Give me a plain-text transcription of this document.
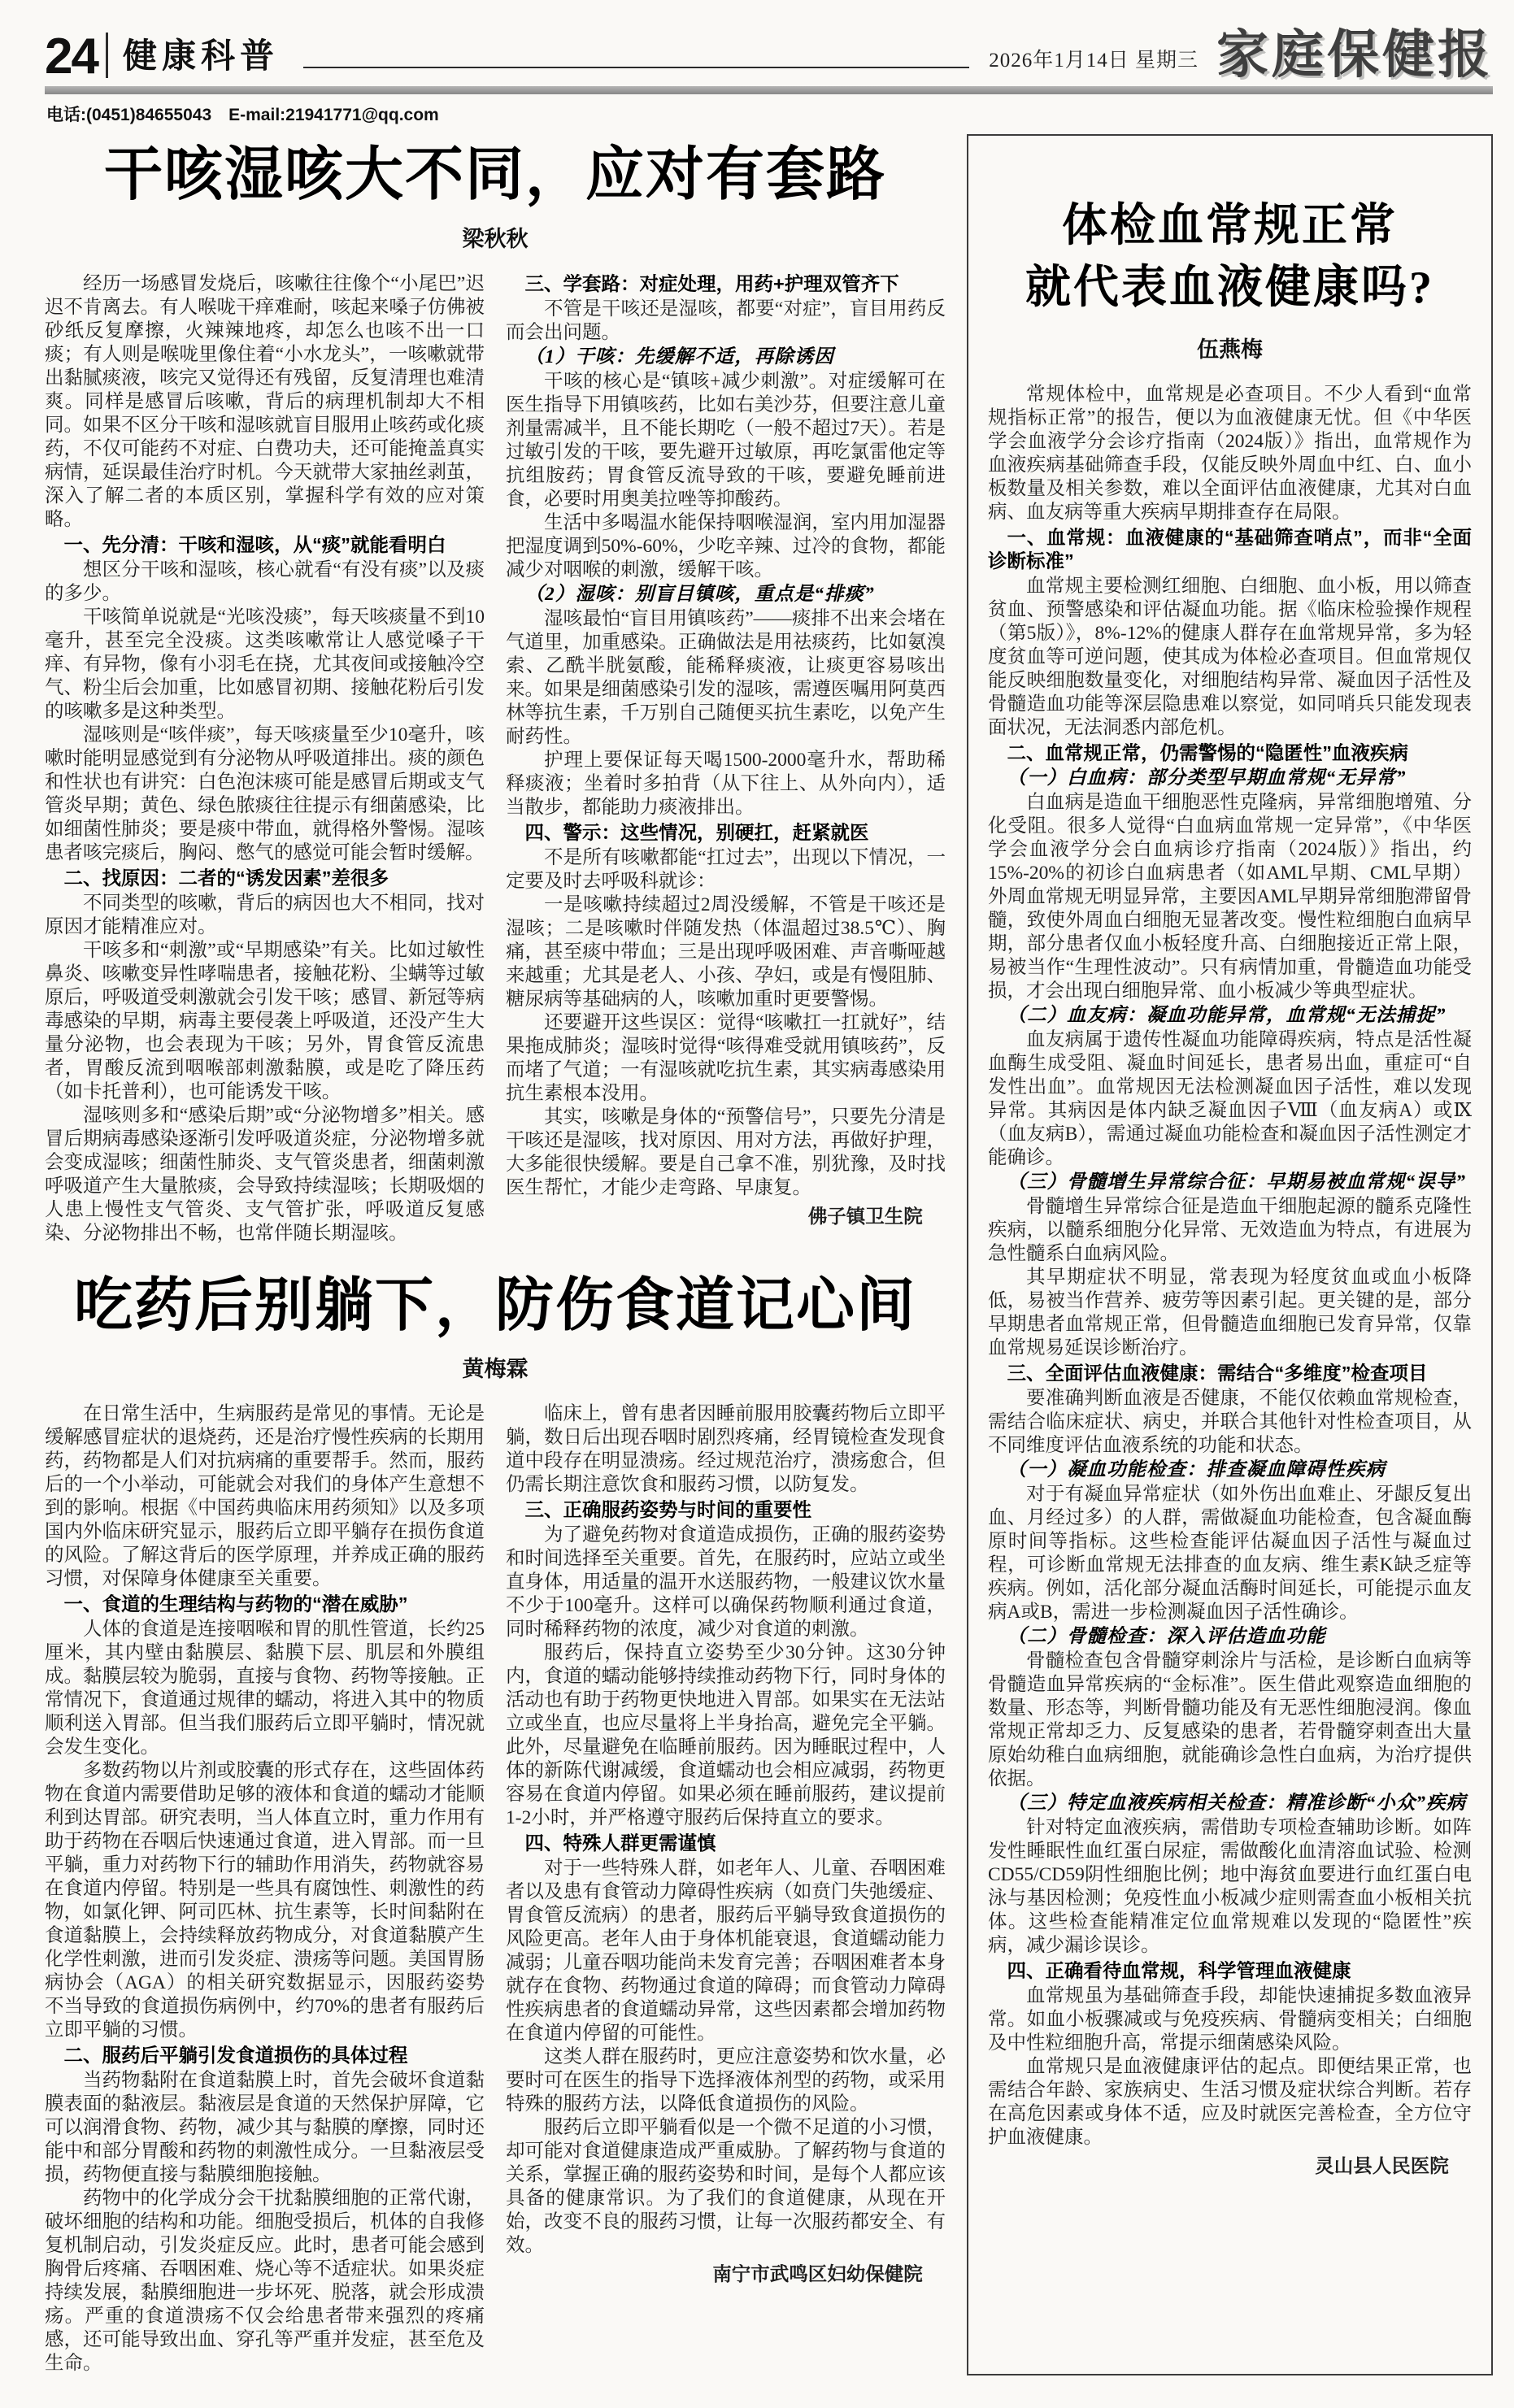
24 健康科普	2026年1月14日 星期三 家庭保健报
电话:(0451)84655043　E-mail:21941771@qq.com
干咳湿咳大不同，应对有套路
梁秋秋

经历一场感冒发烧后，咳嗽往往像个“小尾巴”迟迟不肯离去。有人喉咙干痒难耐，咳起来嗓子仿佛被砂纸反复摩擦，火辣辣地疼，却怎么也咳不出一口痰；有人则是喉咙里像住着“小水龙头”，一咳嗽就带出黏腻痰液，咳完又觉得还有残留，反复清理也难清爽。同样是感冒后咳嗽，背后的病理机制却大不相同。如果不区分干咳和湿咳就盲目服用止咳药或化痰药，不仅可能药不对症、白费功夫，还可能掩盖真实病情，延误最佳治疗时机。今天就带大家抽丝剥茧，深入了解二者的本质区别，掌握科学有效的应对策略。

一、先分清：干咳和湿咳，从“痰”就能看明白

想区分干咳和湿咳，核心就看“有没有痰”以及痰的多少。

干咳简单说就是“光咳没痰”，每天咳痰量不到10毫升，甚至完全没痰。这类咳嗽常让人感觉嗓子干痒、有异物，像有小羽毛在挠，尤其夜间或接触冷空气、粉尘后会加重，比如感冒初期、接触花粉后引发的咳嗽多是这种类型。

湿咳则是“咳伴痰”，每天咳痰量至少10毫升，咳嗽时能明显感觉到有分泌物从呼吸道排出。痰的颜色和性状也有讲究：白色泡沫痰可能是感冒后期或支气管炎早期；黄色、绿色脓痰往往提示有细菌感染，比如细菌性肺炎；要是痰中带血，就得格外警惕。湿咳患者咳完痰后，胸闷、憋气的感觉可能会暂时缓解。

二、找原因：二者的“诱发因素”差很多

不同类型的咳嗽，背后的病因也大不相同，找对原因才能精准应对。

干咳多和“刺激”或“早期感染”有关。比如过敏性鼻炎、咳嗽变异性哮喘患者，接触花粉、尘螨等过敏原后，呼吸道受刺激就会引发干咳；感冒、新冠等病毒感染的早期，病毒主要侵袭上呼吸道，还没产生大量分泌物，也会表现为干咳；另外，胃食管反流患者，胃酸反流到咽喉部刺激黏膜，或是吃了降压药（如卡托普利），也可能诱发干咳。

湿咳则多和“感染后期”或“分泌物增多”相关。感冒后期病毒感染逐渐引发呼吸道炎症，分泌物增多就会变成湿咳；细菌性肺炎、支气管炎患者，细菌刺激呼吸道产生大量脓痰，会导致持续湿咳；长期吸烟的人患上慢性支气管炎、支气管扩张，呼吸道反复感染、分泌物排出不畅，也常伴随长期湿咳。

三、学套路：对症处理，用药+护理双管齐下

不管是干咳还是湿咳，都要“对症”，盲目用药反而会出问题。

（1）干咳：先缓解不适，再除诱因

干咳的核心是“镇咳+减少刺激”。对症缓解可在医生指导下用镇咳药，比如右美沙芬，但要注意儿童剂量需减半，且不能长期吃（一般不超过7天）。若是过敏引发的干咳，要先避开过敏原，再吃氯雷他定等抗组胺药；胃食管反流导致的干咳，要避免睡前进食，必要时用奥美拉唑等抑酸药。

生活中多喝温水能保持咽喉湿润，室内用加湿器把湿度调到50%-60%，少吃辛辣、过冷的食物，都能减少对咽喉的刺激，缓解干咳。

（2）湿咳：别盲目镇咳，重点是“排痰”

湿咳最怕“盲目用镇咳药”——痰排不出来会堵在气道里，加重感染。正确做法是用祛痰药，比如氨溴索、乙酰半胱氨酸，能稀释痰液，让痰更容易咳出来。如果是细菌感染引发的湿咳，需遵医嘱用阿莫西林等抗生素，千万别自己随便买抗生素吃，以免产生耐药性。

护理上要保证每天喝1500-2000毫升水，帮助稀释痰液；坐着时多拍背（从下往上、从外向内），适当散步，都能助力痰液排出。

四、警示：这些情况，别硬扛，赶紧就医

不是所有咳嗽都能“扛过去”，出现以下情况，一定要及时去呼吸科就诊：

一是咳嗽持续超过2周没缓解，不管是干咳还是湿咳；二是咳嗽时伴随发热（体温超过38.5℃）、胸痛，甚至痰中带血；三是出现呼吸困难、声音嘶哑越来越重；尤其是老人、小孩、孕妇，或是有慢阻肺、糖尿病等基础病的人，咳嗽加重时更要警惕。

还要避开这些误区：觉得“咳嗽扛一扛就好”，结果拖成肺炎；湿咳时觉得“咳得难受就用镇咳药”，反而堵了气道；一有湿咳就吃抗生素，其实病毒感染用抗生素根本没用。

其实，咳嗽是身体的“预警信号”，只要先分清是干咳还是湿咳，找对原因、用对方法，再做好护理，大多能很快缓解。要是自己拿不准，别犹豫，及时找医生帮忙，才能少走弯路、早康复。

佛子镇卫生院

吃药后别躺下，防伤食道记心间
黄梅霖

在日常生活中，生病服药是常见的事情。无论是缓解感冒症状的退烧药，还是治疗慢性疾病的长期用药，药物都是人们对抗病痛的重要帮手。然而，服药后的一个小举动，可能就会对我们的身体产生意想不到的影响。根据《中国药典临床用药须知》以及多项国内外临床研究显示，服药后立即平躺存在损伤食道的风险。了解这背后的医学原理，并养成正确的服药习惯，对保障身体健康至关重要。

一、食道的生理结构与药物的“潜在威胁”

人体的食道是连接咽喉和胃的肌性管道，长约25厘米，其内壁由黏膜层、黏膜下层、肌层和外膜组成。黏膜层较为脆弱，直接与食物、药物等接触。正常情况下，食道通过规律的蠕动，将进入其中的物质顺利送入胃部。但当我们服药后立即平躺时，情况就会发生变化。

多数药物以片剂或胶囊的形式存在，这些固体药物在食道内需要借助足够的液体和食道的蠕动才能顺利到达胃部。研究表明，当人体直立时，重力作用有助于药物在吞咽后快速通过食道，进入胃部。而一旦平躺，重力对药物下行的辅助作用消失，药物就容易在食道内停留。特别是一些具有腐蚀性、刺激性的药物，如氯化钾、阿司匹林、抗生素等，长时间黏附在食道黏膜上，会持续释放药物成分，对食道黏膜产生化学性刺激，进而引发炎症、溃疡等问题。美国胃肠病协会（AGA）的相关研究数据显示，因服药姿势不当导致的食道损伤病例中，约70%的患者有服药后立即平躺的习惯。

二、服药后平躺引发食道损伤的具体过程

当药物黏附在食道黏膜上时，首先会破坏食道黏膜表面的黏液层。黏液层是食道的天然保护屏障，它可以润滑食物、药物，减少其与黏膜的摩擦，同时还能中和部分胃酸和药物的刺激性成分。一旦黏液层受损，药物便直接与黏膜细胞接触。

药物中的化学成分会干扰黏膜细胞的正常代谢，破坏细胞的结构和功能。细胞受损后，机体的自我修复机制启动，引发炎症反应。此时，患者可能会感到胸骨后疼痛、吞咽困难、烧心等不适症状。如果炎症持续发展，黏膜细胞进一步坏死、脱落，就会形成溃疡。严重的食道溃疡不仅会给患者带来强烈的疼痛感，还可能导致出血、穿孔等严重并发症，甚至危及生命。

临床上，曾有患者因睡前服用胶囊药物后立即平躺，数日后出现吞咽时剧烈疼痛，经胃镜检查发现食道中段存在明显溃疡。经过规范治疗，溃疡愈合，但仍需长期注意饮食和服药习惯，以防复发。

三、正确服药姿势与时间的重要性

为了避免药物对食道造成损伤，正确的服药姿势和时间选择至关重要。首先，在服药时，应站立或坐直身体，用适量的温开水送服药物，一般建议饮水量不少于100毫升。这样可以确保药物顺利通过食道，同时稀释药物的浓度，减少对食道的刺激。

服药后，保持直立姿势至少30分钟。这30分钟内，食道的蠕动能够持续推动药物下行，同时身体的活动也有助于药物更快地进入胃部。如果实在无法站立或坐直，也应尽量将上半身抬高，避免完全平躺。此外，尽量避免在临睡前服药。因为睡眠过程中，人体的新陈代谢减缓，食道蠕动也会相应减弱，药物更容易在食道内停留。如果必须在睡前服药，建议提前1-2小时，并严格遵守服药后保持直立的要求。

四、特殊人群更需谨慎

对于一些特殊人群，如老年人、儿童、吞咽困难者以及患有食管动力障碍性疾病（如贲门失弛缓症、胃食管反流病）的患者，服药后平躺导致食道损伤的风险更高。老年人由于身体机能衰退，食道蠕动能力减弱；儿童吞咽功能尚未发育完善；吞咽困难者本身就存在食物、药物通过食道的障碍；而食管动力障碍性疾病患者的食道蠕动异常，这些因素都会增加药物在食道内停留的可能性。

这类人群在服药时，更应注意姿势和饮水量，必要时可在医生的指导下选择液体剂型的药物，或采用特殊的服药方法，以降低食道损伤的风险。

服药后立即平躺看似是一个微不足道的小习惯，却可能对食道健康造成严重威胁。了解药物与食道的关系，掌握正确的服药姿势和时间，是每个人都应该具备的健康常识。为了我们的食道健康，从现在开始，改变不良的服药习惯，让每一次服药都安全、有效。

南宁市武鸣区妇幼保健院

体检血常规正常
就代表血液健康吗?
伍燕梅

常规体检中，血常规是必查项目。不少人看到“血常规指标正常”的报告，便以为血液健康无忧。但《中华医学会血液学分会诊疗指南（2024版）》指出，血常规作为血液疾病基础筛查手段，仅能反映外周血中红、白、血小板数量及相关参数，难以全面评估血液健康，尤其对白血病、血友病等重大疾病早期排查存在局限。

一、血常规：血液健康的“基础筛查哨点”，而非“全面诊断标准”

血常规主要检测红细胞、白细胞、血小板，用以筛查贫血、预警感染和评估凝血功能。据《临床检验操作规程（第5版）》，8%-12%的健康人群存在血常规异常，多为轻度贫血等可逆问题，使其成为体检必查项目。但血常规仅能反映细胞数量变化，对细胞结构异常、凝血因子活性及骨髓造血功能等深层隐患难以察觉，如同哨兵只能发现表面状况，无法洞悉内部危机。

二、血常规正常，仍需警惕的“隐匿性”血液疾病

（一）白血病：部分类型早期血常规“无异常”

白血病是造血干细胞恶性克隆病，异常细胞增殖、分化受阻。很多人觉得“白血病血常规一定异常”，《中华医学会血液学分会白血病诊疗指南（2024版）》指出，约15%-20%的初诊白血病患者（如AML早期、CML早期）外周血常规无明显异常，主要因AML早期异常细胞滞留骨髓，致使外周血白细胞无显著改变。慢性粒细胞白血病早期，部分患者仅血小板轻度升高、白细胞接近正常上限，易被当作“生理性波动”。只有病情加重，骨髓造血功能受损，才会出现白细胞异常、血小板减少等典型症状。

（二）血友病：凝血功能异常，血常规“无法捕捉”

血友病属于遗传性凝血功能障碍疾病，特点是活性凝血酶生成受阻、凝血时间延长，患者易出血，重症可“自发性出血”。血常规因无法检测凝血因子活性，难以发现异常。其病因是体内缺乏凝血因子Ⅷ（血友病A）或Ⅸ（血友病B），需通过凝血功能检查和凝血因子活性测定才能确诊。

（三）骨髓增生异常综合征：早期易被血常规“误导”

骨髓增生异常综合征是造血干细胞起源的髓系克隆性疾病，以髓系细胞分化异常、无效造血为特点，有进展为急性髓系白血病风险。

其早期症状不明显，常表现为轻度贫血或血小板降低，易被当作营养、疲劳等因素引起。更关键的是，部分早期患者血常规正常，但骨髓造血细胞已发育异常，仅靠血常规易延误诊断治疗。

三、全面评估血液健康：需结合“多维度”检查项目

要准确判断血液是否健康，不能仅依赖血常规检查，需结合临床症状、病史，并联合其他针对性检查项目，从不同维度评估血液系统的功能和状态。

（一）凝血功能检查：排查凝血障碍性疾病

对于有凝血异常症状（如外伤出血难止、牙龈反复出血、月经过多）的人群，需做凝血功能检查，包含凝血酶原时间等指标。这些检查能评估凝血因子活性与凝血过程，可诊断血常规无法排查的血友病、维生素K缺乏症等疾病。例如，活化部分凝血活酶时间延长，可能提示血友病A或B，需进一步检测凝血因子活性确诊。

（二）骨髓检查：深入评估造血功能

骨髓检查包含骨髓穿刺涂片与活检，是诊断白血病等骨髓造血异常疾病的“金标准”。医生借此观察造血细胞的数量、形态等，判断骨髓功能及有无恶性细胞浸润。像血常规正常却乏力、反复感染的患者，若骨髓穿刺查出大量原始幼稚白血病细胞，就能确诊急性白血病，为治疗提供依据。

（三）特定血液疾病相关检查：精准诊断“小众”疾病

针对特定血液疾病，需借助专项检查辅助诊断。如阵发性睡眠性血红蛋白尿症，需做酸化血清溶血试验、检测CD55/CD59阴性细胞比例；地中海贫血要进行血红蛋白电泳与基因检测；免疫性血小板减少症则需查血小板相关抗体。这些检查能精准定位血常规难以发现的“隐匿性”疾病，减少漏诊误诊。

四、正确看待血常规，科学管理血液健康

血常规虽为基础筛查手段，却能快速捕捉多数血液异常。如血小板骤减或与免疫疾病、骨髓病变相关；白细胞及中性粒细胞升高，常提示细菌感染风险。

血常规只是血液健康评估的起点。即便结果正常，也需结合年龄、家族病史、生活习惯及症状综合判断。若存在高危因素或身体不适，应及时就医完善检查，全方位守护血液健康。

灵山县人民医院
